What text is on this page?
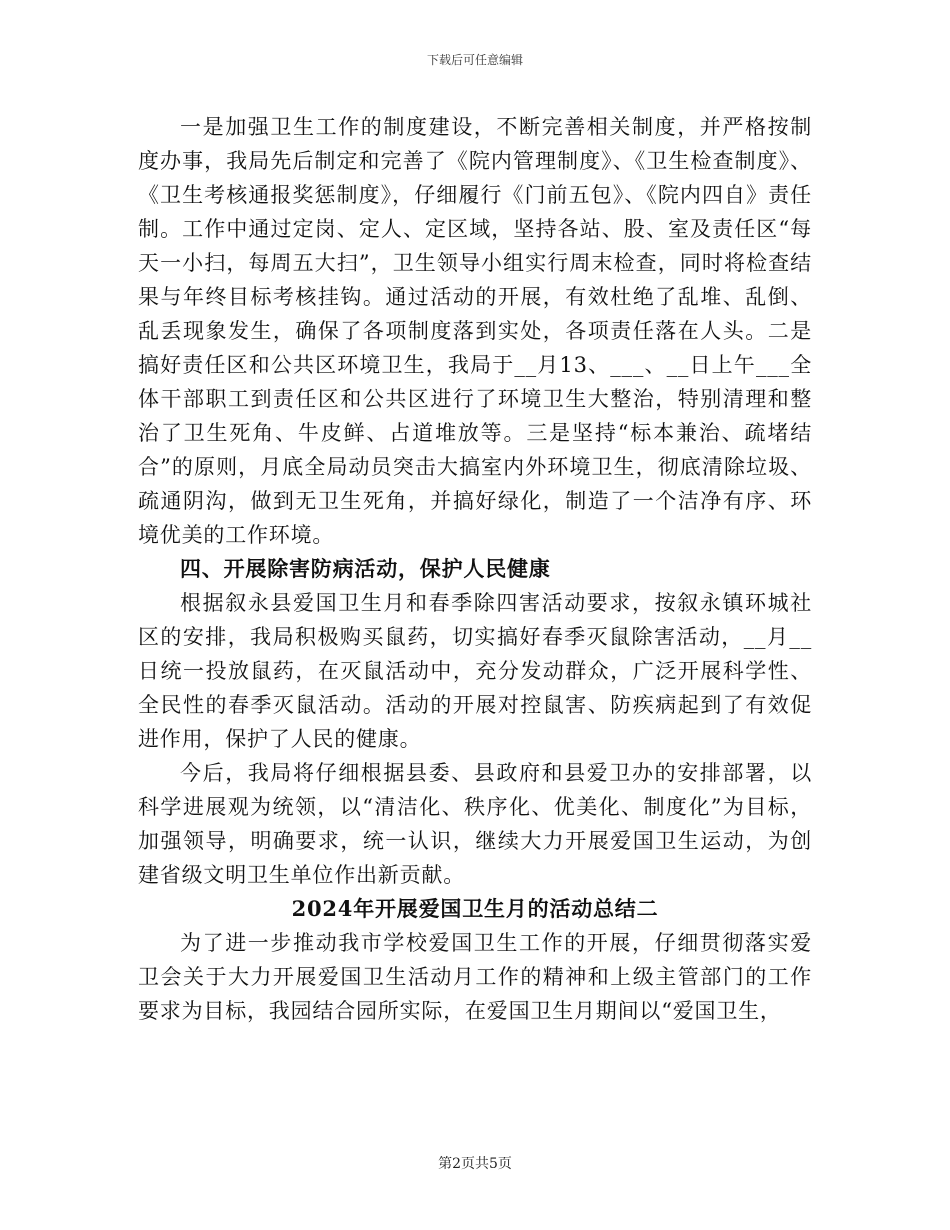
下载后可任意编辑

一是加强卫生工作的制度建设，不断完善相关制度，并严格按制度办事，我局先后制定和完善了《院内管理制度》、《卫生检查制度》、《卫生考核通报奖惩制度》，仔细履行《门前五包》、《院内四自》责任制。工作中通过定岗、定人、定区域，坚持各站、股、室及责任区“每天一小扫，每周五大扫”，卫生领导小组实行周末检查，同时将检查结果与年终目标考核挂钩。通过活动的开展，有效杜绝了乱堆、乱倒、乱丢现象发生，确保了各项制度落到实处，各项责任落在人头。二是搞好责任区和公共区环境卫生，我局于__月13、___、__日上午___全体干部职工到责任区和公共区进行了环境卫生大整治，特别清理和整治了卫生死角、牛皮鲜、占道堆放等。三是坚持“标本兼治、疏堵结合”的原则，月底全局动员突击大搞室内外环境卫生，彻底清除垃圾、疏通阴沟，做到无卫生死角，并搞好绿化，制造了一个洁净有序、环境优美的工作环境。

四、开展除害防病活动，保护人民健康

根据叙永县爱国卫生月和春季除四害活动要求，按叙永镇环城社区的安排，我局积极购买鼠药，切实搞好春季灭鼠除害活动，__月__日统一投放鼠药，在灭鼠活动中，充分发动群众，广泛开展科学性、全民性的春季灭鼠活动。活动的开展对控鼠害、防疾病起到了有效促进作用，保护了人民的健康。

今后，我局将仔细根据县委、县政府和县爱卫办的安排部署，以科学进展观为统领，以“清洁化、秩序化、优美化、制度化”为目标，加强领导，明确要求，统一认识，继续大力开展爱国卫生运动，为创建省级文明卫生单位作出新贡献。

2024年开展爱国卫生月的活动总结二

为了进一步推动我市学校爱国卫生工作的开展，仔细贯彻落实爱卫会关于大力开展爱国卫生活动月工作的精神和上级主管部门的工作要求为目标，我园结合园所实际，在爱国卫生月期间以“爱国卫生，

第2页共5页
